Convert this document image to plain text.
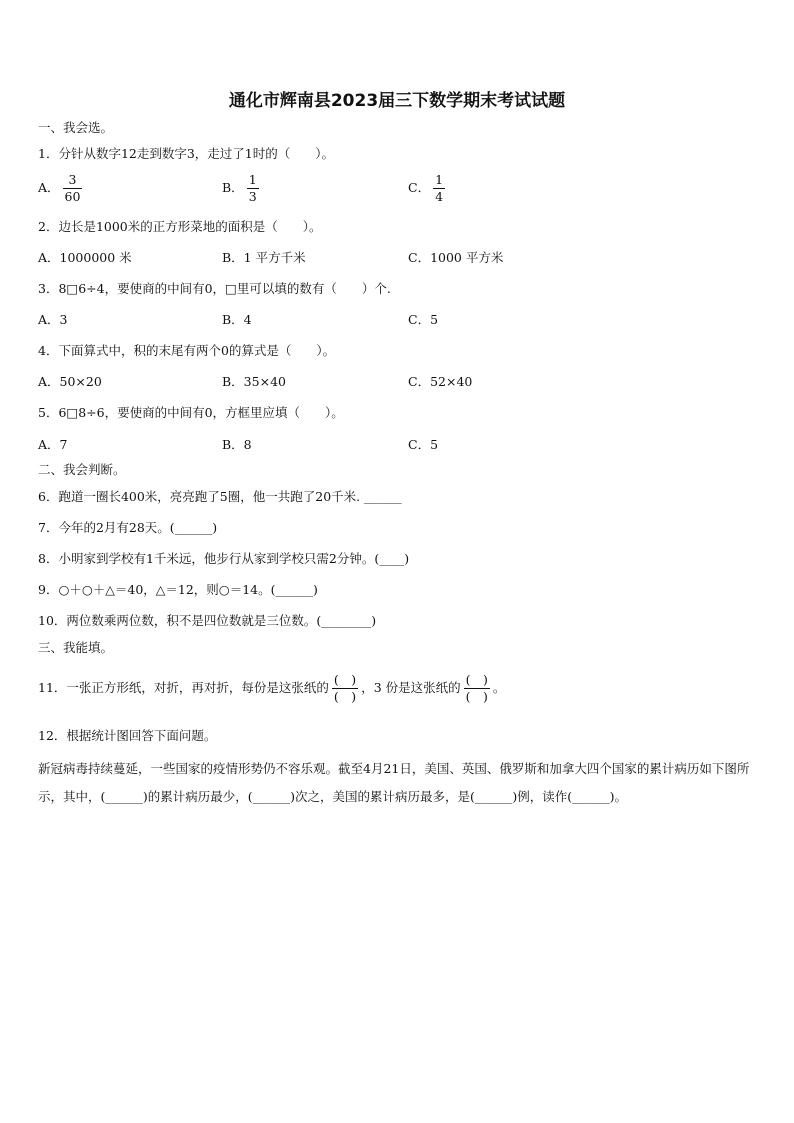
通化市辉南县2023届三下数学期末考试试题
一、我会选。
1．分针从数字12走到数字3，走过了1时的（　　）。
A． $\frac{3}{60}$	B． $\frac{1}{3}$	C． $\frac{1}{4}$
2．边长是1000米的正方形菜地的面积是（　　）。
A．1000000 米	B．1 平方千米	C．1000 平方米
3．8□6÷4，要使商的中间有0，□里可以填的数有（　　）个.
A．3	B．4	C．5
4．下面算式中，积的末尾有两个0的算式是（　　）。
A．50×20	B．35×40	C．52×40
5．6□8÷6，要使商的中间有0，方框里应填（　　）。
A．7	B．8	C．5
二、我会判断。
6．跑道一圈长400米，亮亮跑了5圈，他一共跑了20千米. ______
7．今年的2月有28天。(______)
8．小明家到学校有1千米远，他步行从家到学校只需2分钟。(____)
9．○＋○＋△＝40，△＝12，则○＝14。(______)
10．两位数乘两位数，积不是四位数就是三位数。(________)
三、我能填。
11．一张正方形纸，对折，再对折，每份是这张纸的 $\frac{( )}{( )}$ ，3 份是这张纸的 $\frac{( )}{( )}$ 。
12．根据统计图回答下面问题。
新冠病毒持续蔓延，一些国家的疫情形势仍不容乐观。截至4月21日，美国、英国、俄罗斯和加拿大四个国家的累计病历如下图所示，其中，(______)的累计病历最少，(______)次之，美国的累计病历最多，是(______)例，读作(______)。
